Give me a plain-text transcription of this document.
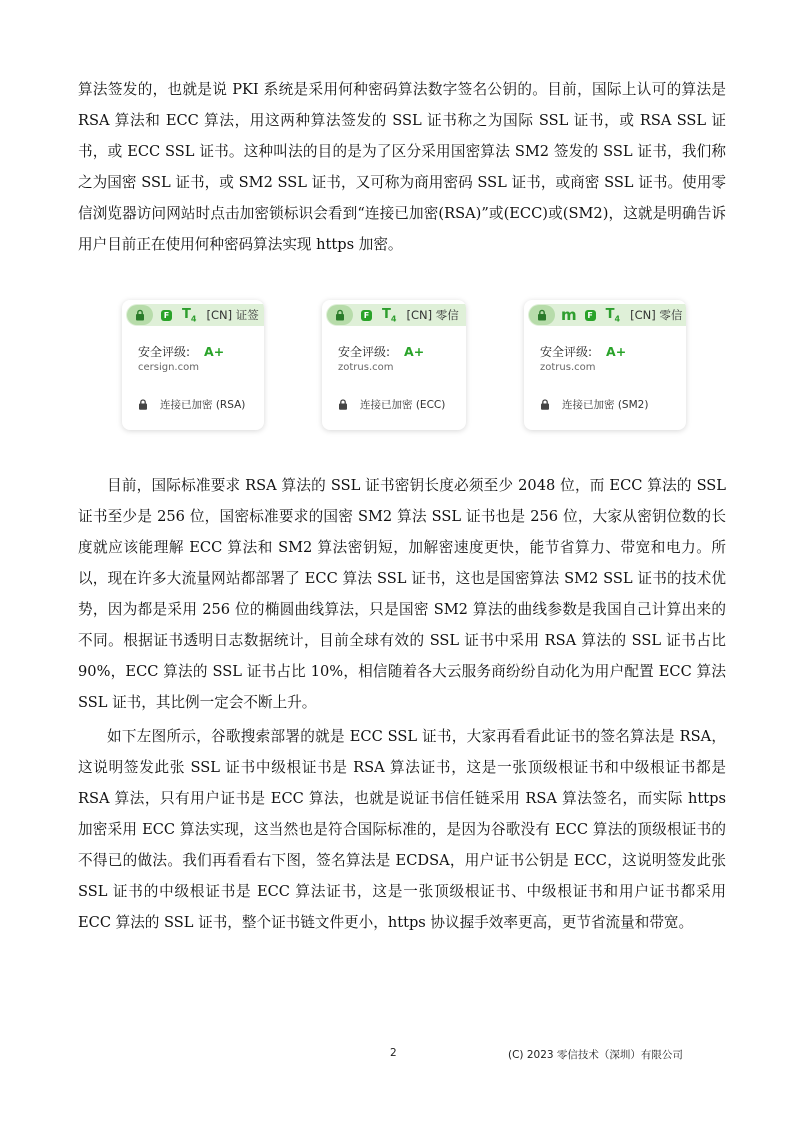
算法签发的，也就是说 PKI 系统是采用何种密码算法数字签名公钥的。目前，国际上认可的算法是 RSA 算法和 ECC 算法，用这两种算法签发的 SSL 证书称之为国际 SSL 证书，或 RSA SSL 证书，或 ECC SSL 证书。这种叫法的目的是为了区分采用国密算法 SM2 签发的 SSL 证书，我们称之为国密 SSL 证书，或 SM2 SSL 证书，又可称为商用密码 SSL 证书，或商密 SSL 证书。使用零信浏览器访问网站时点击加密锁标识会看到“连接已加密(RSA)”或(ECC)或(SM2)，这就是明确告诉用户目前正在使用何种密码算法实现 https 加密。

F $T_4$ [CN] 证签
安全评级: A+
cersign.com
连接已加密 (RSA)
F $T_4$ [CN] 零信
安全评级: A+
zotrus.com
连接已加密 (ECC)
m	F $T_4$ [CN] 零信
安全评级: A+
zotrus.com
连接已加密 (SM2)

目前，国际标准要求 RSA 算法的 SSL 证书密钥长度必须至少 2048 位，而 ECC 算法的 SSL 证书至少是 256 位，国密标准要求的国密 SM2 算法 SSL 证书也是 256 位，大家从密钥位数的长度就应该能理解 ECC 算法和 SM2 算法密钥短，加解密速度更快，能节省算力、带宽和电力。所以，现在许多大流量网站都部署了 ECC 算法 SSL 证书，这也是国密算法 SM2 SSL 证书的技术优势，因为都是采用 256 位的椭圆曲线算法，只是国密 SM2 算法的曲线参数是我国自己计算出来的不同。根据证书透明日志数据统计，目前全球有效的 SSL 证书中采用 RSA 算法的 SSL 证书占比 90%，ECC 算法的 SSL 证书占比 10%，相信随着各大云服务商纷纷自动化为用户配置 ECC 算法 SSL 证书，其比例一定会不断上升。

如下左图所示，谷歌搜索部署的就是 ECC SSL 证书，大家再看看此证书的签名算法是 RSA，这说明签发此张 SSL 证书中级根证书是 RSA 算法证书，这是一张顶级根证书和中级根证书都是 RSA 算法，只有用户证书是 ECC 算法，也就是说证书信任链采用 RSA 算法签名，而实际 https 加密采用 ECC 算法实现，这当然也是符合国际标准的，是因为谷歌没有 ECC 算法的顶级根证书的不得已的做法。我们再看看右下图，签名算法是 ECDSA，用户证书公钥是 ECC，这说明签发此张 SSL 证书的中级根证书是 ECC 算法证书，这是一张顶级根证书、中级根证书和用户证书都采用 ECC 算法的 SSL 证书，整个证书链文件更小，https 协议握手效率更高，更节省流量和带宽。

2	(C) 2023 零信技术（深圳）有限公司
